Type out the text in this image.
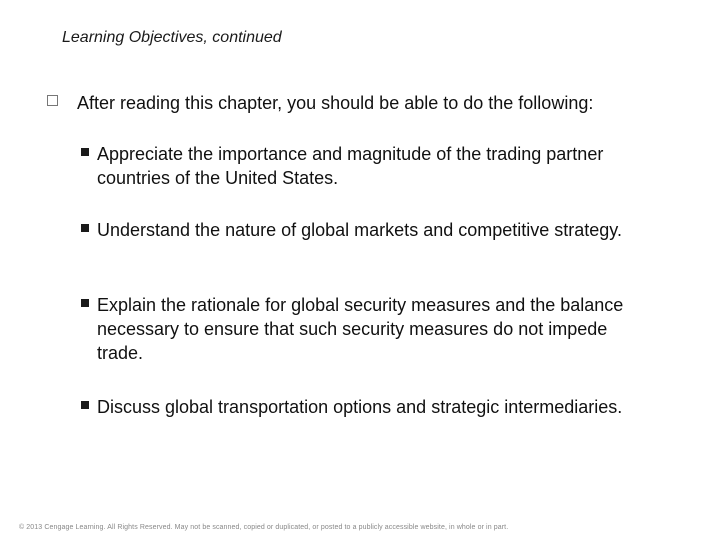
Learning Objectives, continued
After reading this chapter, you should be able to do the following:
Appreciate the importance and magnitude of the trading partner countries of the United States.
Understand the nature of global markets and competitive strategy.
Explain the rationale for global security measures and the balance necessary to ensure that such security measures do not impede trade.
Discuss global transportation options and strategic intermediaries.
© 2013 Cengage Learning. All Rights Reserved. May not be scanned, copied or duplicated, or posted to a publicly accessible website, in whole or in part.
